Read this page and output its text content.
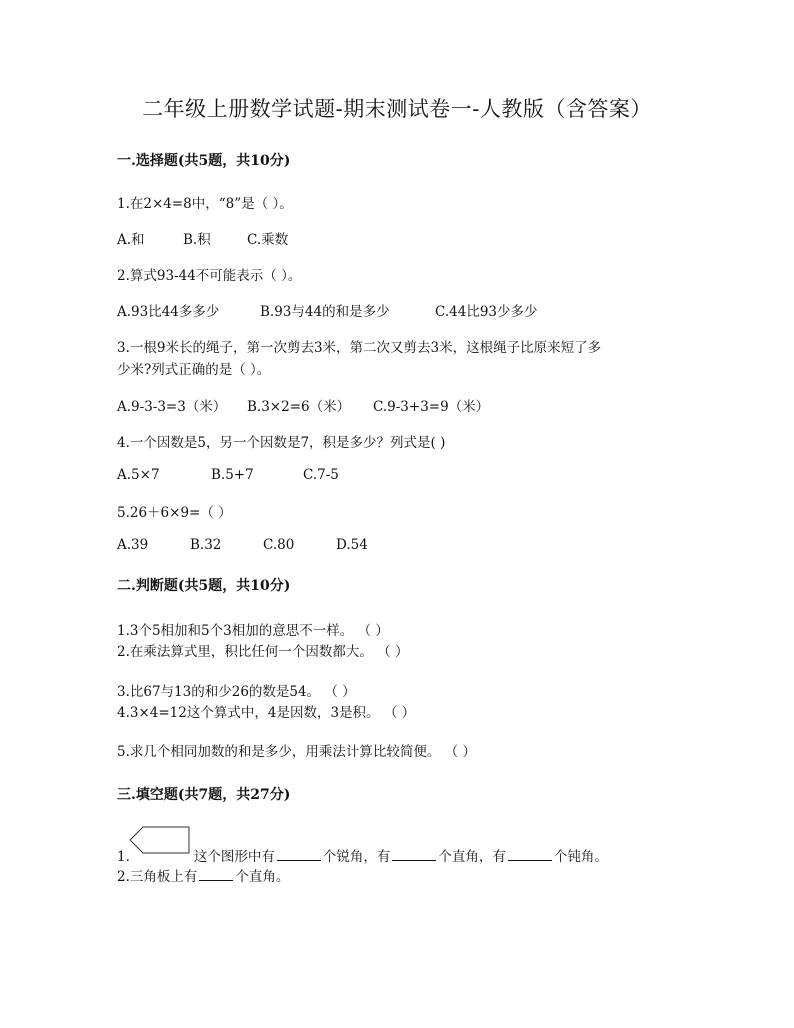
二年级上册数学试题-期末测试卷一-人教版（含答案）
一.选择题(共5题，共10分)
1.在2×4=8中，“8”是（ ）。
A.和	B.积	C.乘数
2.算式93-44不可能表示（ ）。
A.93比44多多少	B.93与44的和是多少	C.44比93少多少
3.一根9米长的绳子，第一次剪去3米，第二次又剪去3米，这根绳子比原来短了多
少米?列式正确的是（ ）。
A.9-3-3=3（米） B.3×2=6（米） C.9-3+3=9（米）
4.一个因数是5，另一个因数是7，积是多少？列式是( )
A.5×7	B.5+7	C.7-5
5.26＋6×9=（ ）
A.39	B.32	C.80	D.54
二.判断题(共5题，共10分)
1.3个5相加和5个3相加的意思不一样。 （ ）
2.在乘法算式里，积比任何一个因数都大。 （ ）
3.比67与13的和少26的数是54。 （ ）
4.3×4=12这个算式中，4是因数，3是积。 （ ）
5.求几个相同加数的和是多少，用乘法计算比较简便。 （ ）
三.填空题(共7题，共27分)
1.	这个图形中有	个锐角，有	个直角，有	个钝角。
2.三角板上有	个直角。
